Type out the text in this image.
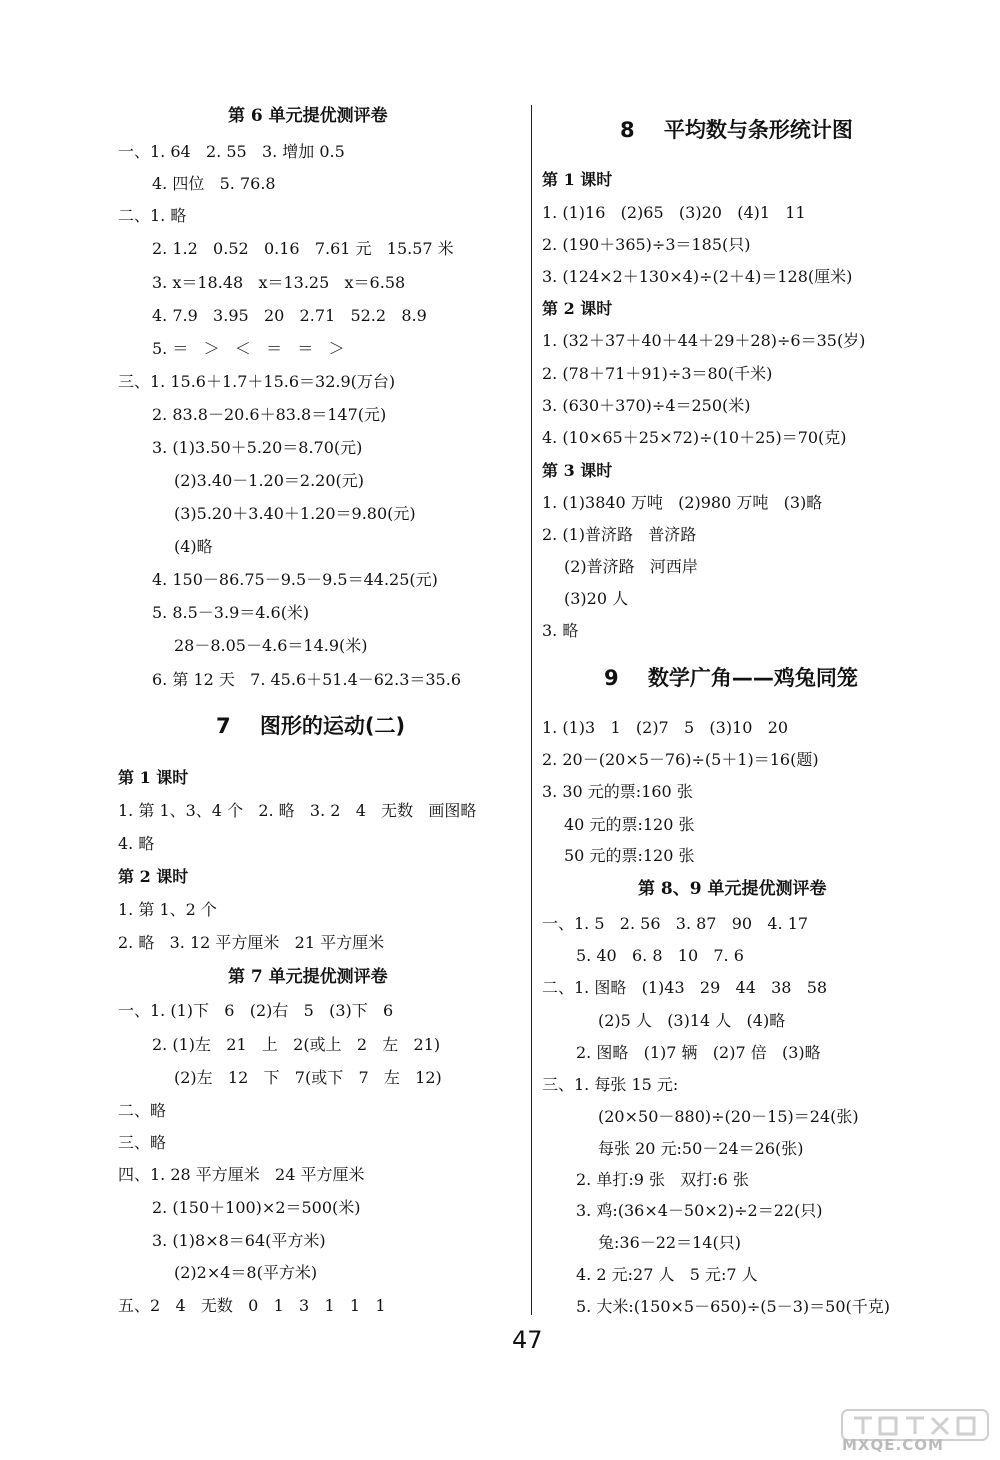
第 6 单元提优测评卷
一、1. 64   2. 55   3. 增加 0.5
4. 四位   5. 76.8
二、1. 略
2. 1.2   0.52   0.16   7.61 元   15.57 米
3. x＝18.48   x＝13.25   x＝6.58
4. 7.9   3.95   20   2.71   52.2   8.9
5. ＝   ＞   ＜   ＝   ＝   ＞
三、1. 15.6＋1.7＋15.6＝32.9(万台)
2. 83.8－20.6＋83.8＝147(元)
3. (1)3.50＋5.20＝8.70(元)
(2)3.40－1.20＝2.20(元)
(3)5.20＋3.40＋1.20＝9.80(元)
(4)略
4. 150－86.75－9.5－9.5＝44.25(元)
5. 8.5－3.9＝4.6(米)
28－8.05－4.6＝14.9(米)
6. 第 12 天   7. 45.6＋51.4－62.3＝35.6
7    图形的运动(二)
第 1 课时
1. 第 1、3、4 个   2. 略   3. 2   4   无数   画图略
4. 略
第 2 课时
1. 第 1、2 个
2. 略   3. 12 平方厘米   21 平方厘米
第 7 单元提优测评卷
一、1. (1)下   6   (2)右   5   (3)下   6
2. (1)左   21   上   2(或上   2   左   21)
(2)左   12   下   7(或下   7   左   12)
二、略
三、略
四、1. 28 平方厘米   24 平方厘米
2. (150＋100)×2＝500(米)
3. (1)8×8＝64(平方米)
(2)2×4＝8(平方米)
五、2   4   无数   0   1   3   1   1   1
8    平均数与条形统计图
第 1 课时
1. (1)16   (2)65   (3)20   (4)1   11
2. (190＋365)÷3＝185(只)
3. (124×2＋130×4)÷(2＋4)＝128(厘米)
第 2 课时
1. (32＋37＋40＋44＋29＋28)÷6＝35(岁)
2. (78＋71＋91)÷3＝80(千米)
3. (630＋370)÷4＝250(米)
4. (10×65＋25×72)÷(10＋25)＝70(克)
第 3 课时
1. (1)3840 万吨   (2)980 万吨   (3)略
2. (1)普济路   普济路
(2)普济路   河西岸
(3)20 人
3. 略
9    数学广角——鸡兔同笼
1. (1)3   1   (2)7   5   (3)10   20
2. 20－(20×5－76)÷(5＋1)＝16(题)
3. 30 元的票:160 张
40 元的票:120 张
50 元的票:120 张
第 8、9 单元提优测评卷
一、1. 5   2. 56   3. 87   90   4. 17
5. 40   6. 8   10   7. 6
二、1. 图略   (1)43   29   44   38   58
(2)5 人   (3)14 人   (4)略
2. 图略   (1)7 辆   (2)7 倍   (3)略
三、1. 每张 15 元:
(20×50－880)÷(20－15)＝24(张)
每张 20 元:50－24＝26(张)
2. 单打:9 张   双打:6 张
3. 鸡:(36×4－50×2)÷2＝22(只)
兔:36－22＝14(只)
4. 2 元:27 人   5 元:7 人
5. 大米:(150×5－650)÷(5－3)＝50(千克)
47
MXQE.COM
